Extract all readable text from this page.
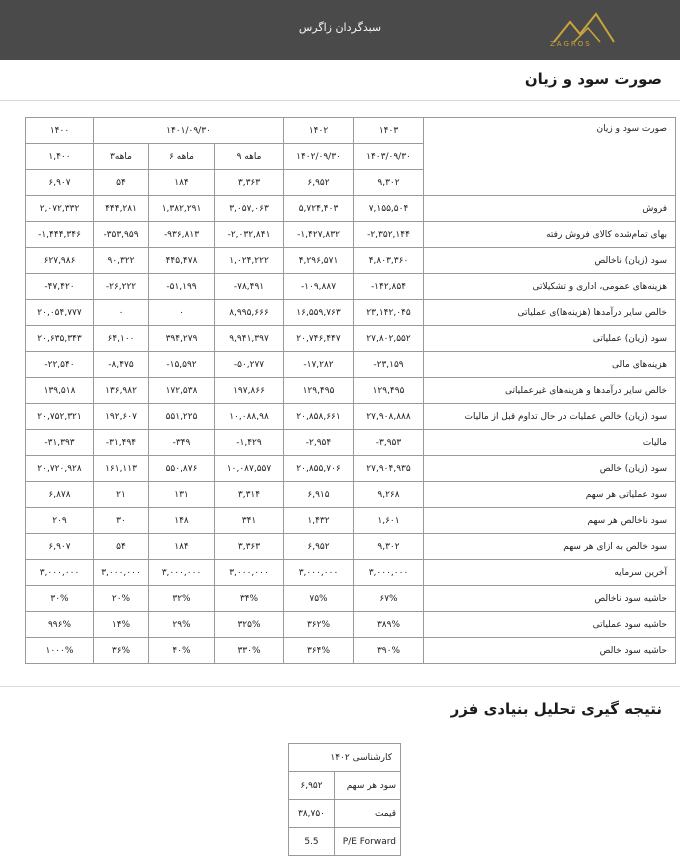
سبدگردان زاگرس
ZAGROS
صورت سود و زیان
۱۴۰۰	۱۴۰۱/۰۹/۳۰			۱۴۰۲	۱۴۰۳	صورت سود و زیان
۱,۴۰۰	۳ماهه	۶ ماهه	۹ ماهه	۱۴۰۲/۰۹/۳۰	۱۴۰۳/۰۹/۳۰	
۶,۹۰۷	۵۴	۱۸۴	۳,۳۶۳	۶,۹۵۲	۹,۳۰۲	
۲,۰۷۲,۳۳۲	۴۴۴,۲۸۱	۱,۳۸۲,۲۹۱	۳,۰۵۷,۰۶۳	۵,۷۲۴,۴۰۳	۷,۱۵۵,۵۰۴	فروش
-۱,۴۴۴,۳۴۶	-۳۵۳,۹۵۹	-۹۳۶,۸۱۳	-۲,۰۳۲,۸۴۱	-۱,۴۲۷,۸۳۲	-۲,۳۵۲,۱۴۴	بهای تمام‌شده کالای فروش رفته
۶۲۷,۹۸۶	۹۰,۳۲۲	۴۴۵,۴۷۸	۱,۰۲۴,۲۲۲	۴,۲۹۶,۵۷۱	۴,۸۰۳,۳۶۰	سود (زیان) ناخالص
-۴۷,۴۲۰	-۲۶,۲۲۲	-۵۱,۱۹۹	-۷۸,۴۹۱	-۱۰۹,۸۸۷	-۱۴۲,۸۵۴	هزینه‌های عمومی، اداری و تشکیلاتی
۲۰,۰۵۴,۷۷۷	۰	۰	۸,۹۹۵,۶۶۶	۱۶,۵۵۹,۷۶۳	۲۳,۱۴۲,۰۴۵	خالص سایر درآمدها (هزینه‌ها)ی عملیاتی
۲۰,۶۳۵,۳۴۳	۶۴,۱۰۰	۳۹۴,۲۷۹	۹,۹۴۱,۳۹۷	۲۰,۷۴۶,۴۴۷	۲۷,۸۰۲,۵۵۲	سود (زیان) عملیاتی
-۲۲,۵۴۰	-۸,۴۷۵	-۱۵,۵۹۲	-۵۰,۲۷۷	-۱۷,۲۸۲	-۲۳,۱۵۹	هزینه‌های مالی
۱۳۹,۵۱۸	۱۳۶,۹۸۲	۱۷۲,۵۳۸	۱۹۷,۸۶۶	۱۲۹,۴۹۵	۱۲۹,۴۹۵	خالص سایر درآمدها و هزینه‌های غیرعملیاتی
۲۰,۷۵۲,۳۲۱	۱۹۲,۶۰۷	۵۵۱,۲۲۵	۱۰,۰۸۸,۹۸	۲۰,۸۵۸,۶۶۱	۲۷,۹۰۸,۸۸۸	سود (زیان) خالص عملیات در حال تداوم قبل از مالیات
-۳۱,۳۹۳	-۳۱,۴۹۴	-۳۴۹	-۱,۴۲۹	-۲,۹۵۴	-۳,۹۵۳	مالیات
۲۰,۷۲۰,۹۲۸	۱۶۱,۱۱۳	۵۵۰,۸۷۶	۱۰,۰۸۷,۵۵۷	۲۰,۸۵۵,۷۰۶	۲۷,۹۰۴,۹۳۵	سود (زیان) خالص
۶,۸۷۸	۲۱	۱۳۱	۳,۳۱۴	۶,۹۱۵	۹,۲۶۸	سود عملیاتی هر سهم
۲۰۹	۳۰	۱۴۸	۳۴۱	۱,۴۳۲	۱,۶۰۱	سود ناخالص هر سهم
۶,۹۰۷	۵۴	۱۸۴	۳,۳۶۳	۶,۹۵۲	۹,۳۰۲	سود خالص به ازای هر سهم
۳,۰۰۰,۰۰۰	۳,۰۰۰,۰۰۰	۳,۰۰۰,۰۰۰	۳,۰۰۰,۰۰۰	۳,۰۰۰,۰۰۰	۳,۰۰۰,۰۰۰	آخرین سرمایه
۳۰%	۲۰%	۳۲%	۳۴%	۷۵%	۶۷%	حاشیه سود ناخالص
۹۹۶%	۱۴%	۲۹%	۳۲۵%	۳۶۲%	۳۸۹%	حاشیه سود عملیاتی
۱۰۰۰%	۳۶%	۴۰%	۳۳۰%	۳۶۴%	۳۹۰%	حاشیه سود خالص
نتیجه گیری تحلیل بنیادی فزر
کارشناسی ۱۴۰۲	
۶,۹۵۲	سود هر سهم
۳۸,۷۵۰	قیمت
5.5	P/E Forward
